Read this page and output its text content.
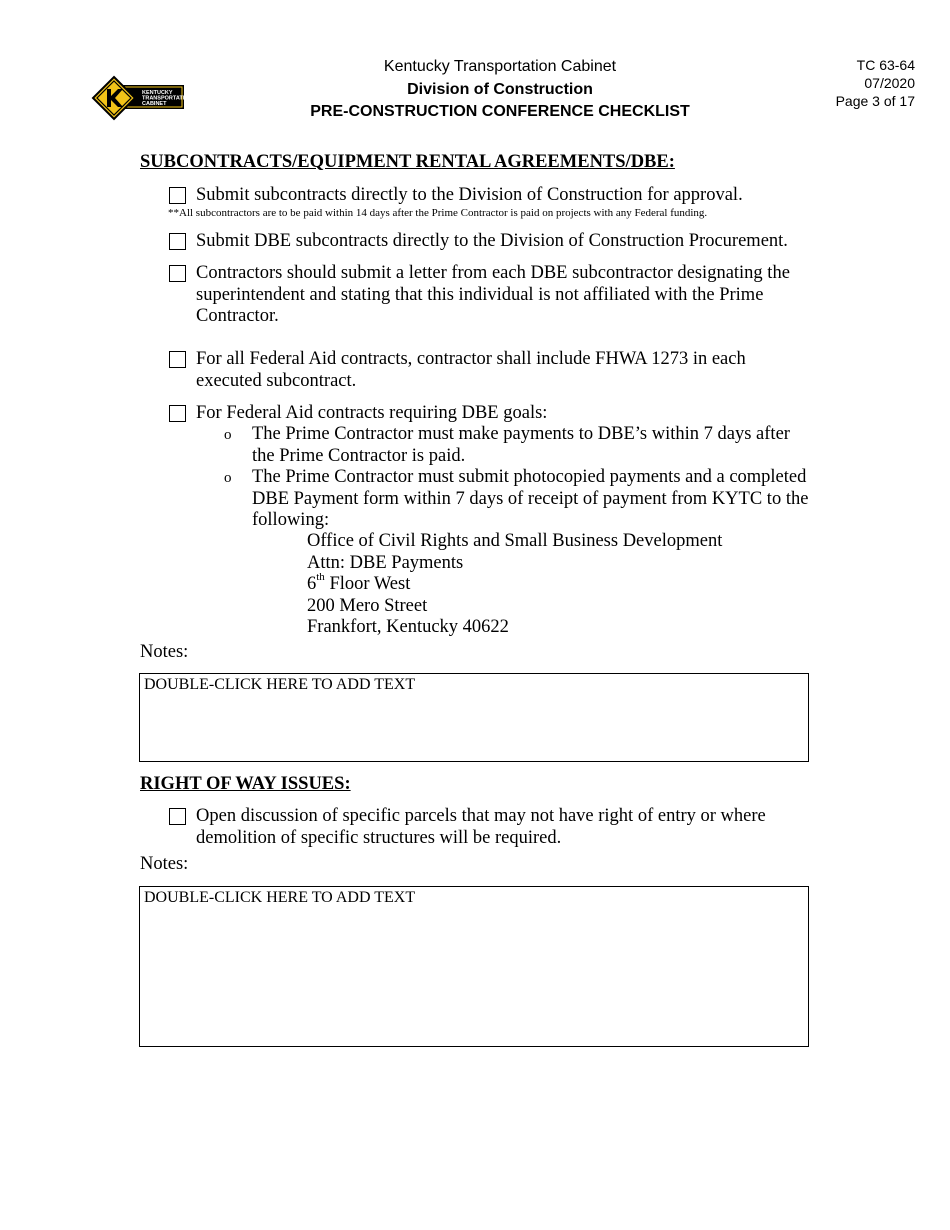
KENTUCKY
TRANSPORTATION
CABINET
Kentucky Transportation Cabinet
Division of Construction
PRE-CONSTRUCTION CONFERENCE CHECKLIST
TC 63-64
07/2020
Page 3 of 17
SUBCONTRACTS/EQUIPMENT RENTAL AGREEMENTS/DBE:
Submit subcontracts directly to the Division of Construction for approval.
**All subcontractors are to be paid within 14 days after the Prime Contractor is paid on projects with any Federal funding.
Submit DBE subcontracts directly to the Division of Construction Procurement.
Contractors should submit a letter from each DBE subcontractor designating the superintendent and stating that this individual is not affiliated with the Prime Contractor.
For all Federal Aid contracts, contractor shall include FHWA 1273 in each executed subcontract.
For Federal Aid contracts requiring DBE goals:
o The Prime Contractor must make payments to DBE’s within 7 days after the Prime Contractor is paid.
o The Prime Contractor must submit photocopied payments and a completed DBE Payment form within 7 days of receipt of payment from KYTC to the following:
Office of Civil Rights and Small Business Development
Attn: DBE Payments
6th Floor West
200 Mero Street
Frankfort, Kentucky 40622
Notes:
DOUBLE-CLICK HERE TO ADD TEXT
RIGHT OF WAY ISSUES:
Open discussion of specific parcels that may not have right of entry or where demolition of specific structures will be required.
Notes:
DOUBLE-CLICK HERE TO ADD TEXT
